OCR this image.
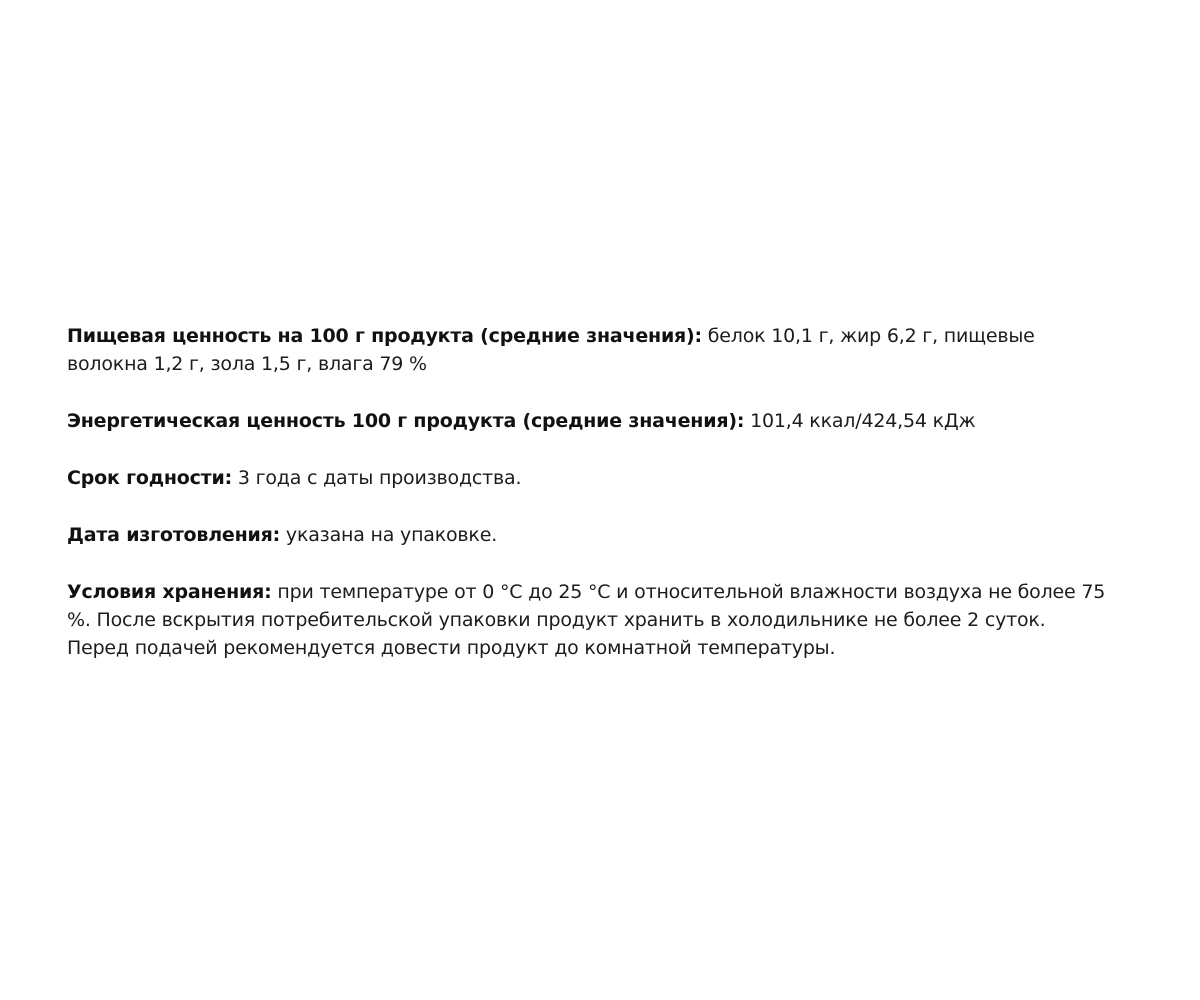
Пищевая ценность на 100 г продукта (средние значения): белок 10,1 г, жир 6,2 г, пищевые волокна 1,2 г, зола 1,5 г, влага 79 %

Энергетическая ценность 100 г продукта (средние значения): 101,4 ккал/424,54 кДж

Срок годности: 3 года с даты производства.

Дата изготовления: указана на упаковке.

Условия хранения: при температуре от 0 °С до 25 °С и относительной влажности воздуха не более 75 %. После вскрытия потребительской упаковки продукт хранить в холодильнике не более 2 суток. Перед подачей рекомендуется довести продукт до комнатной температуры.
